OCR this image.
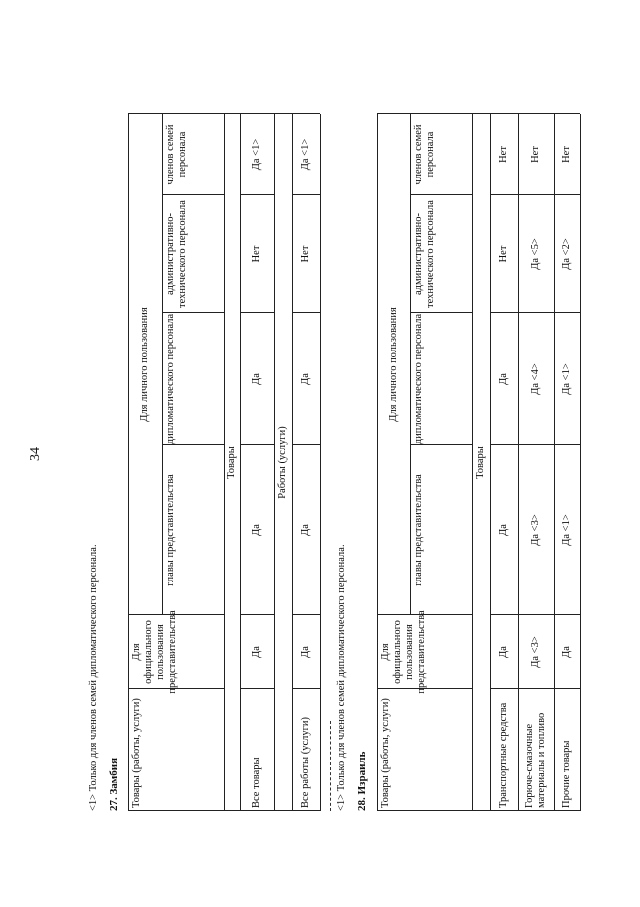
34
<1> Только для членов семей дипломатического персонала. 27. Замбия Товары (работы, услуги)
Для официального пользования представительства
Для личного пользования
главы представительства
дипломатического персонала
административно-технического персонала
членов семей персонала
Товары
Все товары
Да
Да
Да
Нет
Да <1>
Работы (услуги)
Все работы (услуги)
Да
Да
Да
Нет
Да <1>
<1> Только для членов семей дипломатического персонала. 28. Израиль Товары (работы, услуги)
Для официального пользования представительства
Для личного пользования
главы представительства
дипломатического персонала
административно-технического персонала
членов семей персонала
Товары
Транспортные средства
Да
Да
Да
Нет
Нет
Горюче-смазочные материалы и топливо
Да <3>
Да <3>
Да <4>
Да <5>
Нет
Прочие товары
Да
Да <1>
Да <1>
Да <2>
Нет
